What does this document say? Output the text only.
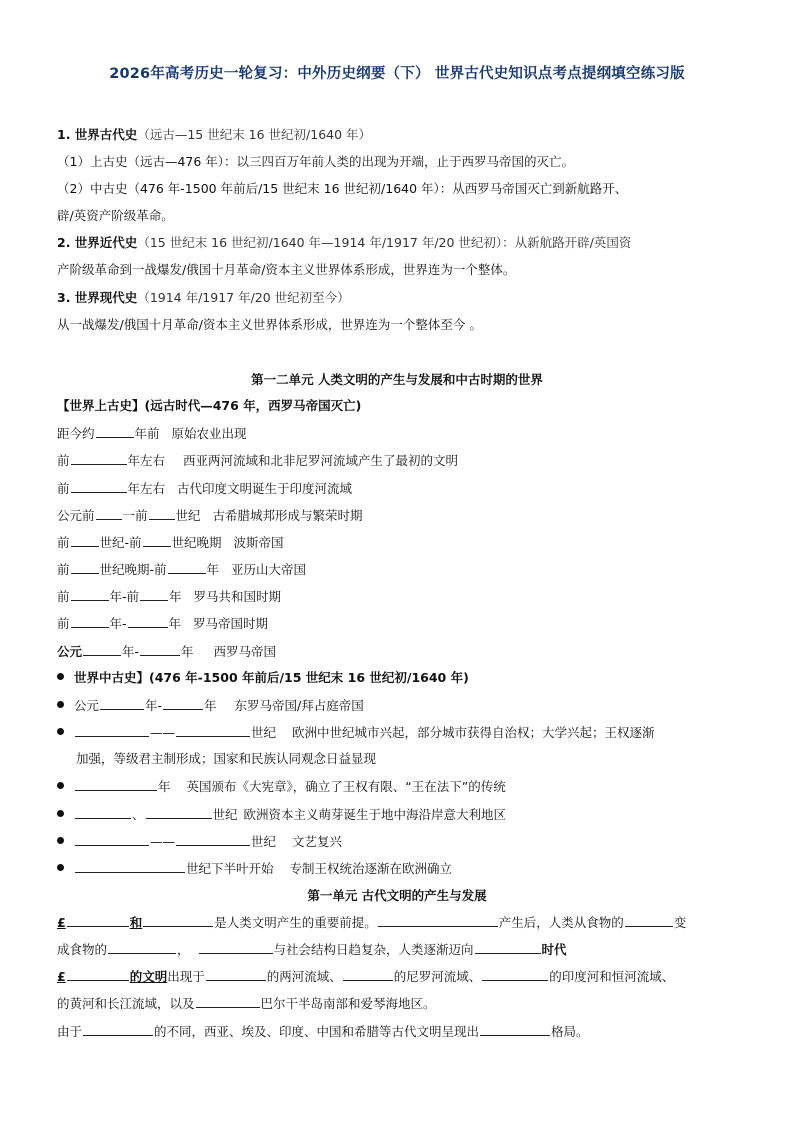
2026年高考历史一轮复习：中外历史纲要（下） 世界古代史知识点考点提纲填空练习版
1. 世界古代史（远古—15 世纪末 16 世纪初/1640 年）
（1）上古史（远古—476 年）：以三四百万年前人类的出现为开端，止于西罗马帝国的灭亡。
（2）中古史（476 年-1500 年前后/15 世纪末 16 世纪初/1640 年）：从西罗马帝国灭亡到新航路开、
辟/英资产阶级革命。
2. 世界近代史（15 世纪末 16 世纪初/1640 年—1914 年/1917 年/20 世纪初）：从新航路开辟/英国资
产阶级革命到一战爆发/俄国十月革命/资本主义世界体系形成，世界连为一个整体。
3. 世界现代史（1914 年/1917 年/20 世纪初至今）
从一战爆发/俄国十月革命/资本主义世界体系形成，世界连为一个整体至今 。
第一二单元 人类文明的产生与发展和中古时期的世界
【世界上古史】(远古时代—476 年，西罗马帝国灭亡)
距今约	年前 原始农业出现
前	年左右 西亚两河流域和北非尼罗河流域产生了最初的文明
前	年左右 古代印度文明诞生于印度河流域
公元前 一前 世纪 古希腊城邦形成与繁荣时期
前 世纪-前 世纪晚期 波斯帝国
前 世纪晚期-前	年 亚历山大帝国
前	年-前 年 罗马共和国时期
前	年-	年 罗马帝国时期
公元	年-	年 西罗马帝国
世界中古史】(476 年-1500 年前后/15 世纪末 16 世纪初/1640 年)
公元	年-	年 东罗马帝国/拜占庭帝国
——	世纪 欧洲中世纪城市兴起，部分城市获得自治权；大学兴起；王权逐渐
加强，等级君主制形成；国家和民族认同观念日益显现
年 英国颁布《大宪章》，确立了王权有限、“王在法下”的传统
、	世纪 欧洲资本主义萌芽诞生于地中海沿岸意大利地区
——	世纪 文艺复兴
世纪下半叶开始 专制王权统治逐渐在欧洲确立
第一单元 古代文明的产生与发展
£	和	是人类文明产生的重要前提。	产生后，人类从食物的	变
成食物的	，	与社会结构日趋复杂，人类逐渐迈向	时代
£	的文明出现于	的两河流域、	的尼罗河流域、	的印度河和恒河流域、
的黄河和长江流域，以及	巴尔干半岛南部和爱琴海地区。
由于	的不同，西亚、埃及、印度、中国和希腊等古代文明呈现出	格局。
